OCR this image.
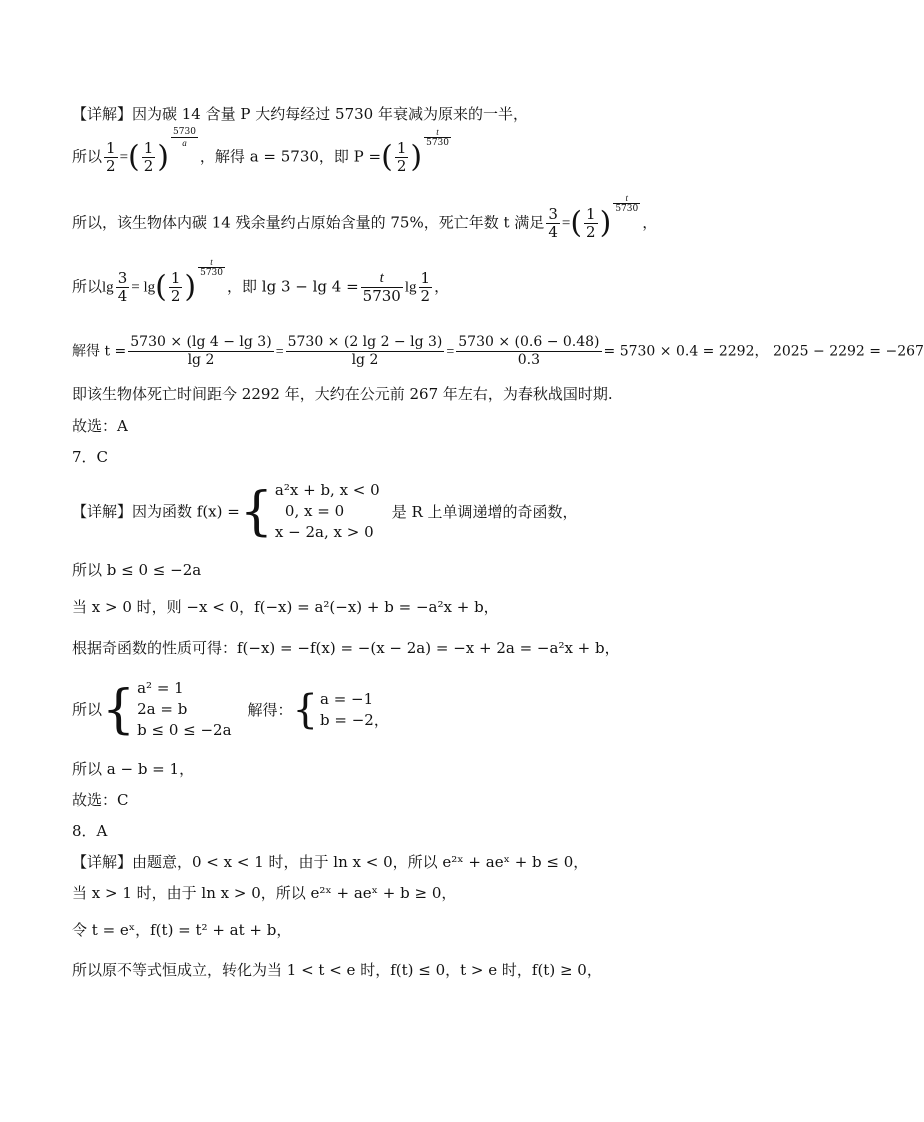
【详解】因为碳 14 含量 P 大约每经过 5730 年衰减为原来的一半，
所以 $\frac{1}{2}$ =( $\frac{1}{2}$ )
$\frac{5730}{a}$
，解得 a = 5730，即 P =( $\frac{1}{2}$ )
$\frac{t}{5730}$
所以，该生物体内碳 14 残余量约占原始含量的 75%，死亡年数 t 满足 $\frac{3}{4}$ =( $\frac{1}{2}$ )
$\frac{t}{5730}$
，
所以$\lg \frac{3}{4} = \lg( \frac{1}{2}$ )
$\frac{t}{5730}$
，即 $\lg 3 - \lg 4 = \frac{t}{5730}$ $\lg \frac{1}{2}$ ，
解得 $t = \frac{5730 \times (\lg 4 - \lg 3)}{\lg 2} = \frac{5730 \times (2 \lg 2 - \lg 3)}{\lg 2} = \frac{5730 \times (0.6 - 0.48)}{0.3} = 5730 \times 0.4 = 2292$， 2025 − 2292 = −267
即该生物体死亡时间距今 2292 年，大约在公元前 267 年左右，为春秋战国时期.
故选：A
7．C
【详解】因为函数 f(x) ={ a²x + b, x < 0
0, x = 0
x − 2a, x > 0
是 R 上单调递增的奇函数，
所以 b ≤ 0 ≤ −2a
当 x > 0 时，则 −x < 0，f(−x) = a²(−x) + b = −a²x + b，
根据奇函数的性质可得：f(−x) = −f(x) = −(x − 2a) = −x + 2a = −a²x + b，
所以{ a² = 1
2a = b
b ≤ 0 ≤ −2a
解得：{ a = −1
b = −2，
所以 a − b = 1，
故选：C
8．A
【详解】由题意，0 < x < 1 时，由于 ln x < 0，所以 e²ˣ + aeˣ + b ≤ 0，
当 x > 1 时，由于 ln x > 0，所以 e²ˣ + aeˣ + b ≥ 0，
令 t = eˣ，f(t) = t² + at + b，
所以原不等式恒成立，转化为当 1 < t < e 时，f(t) ≤ 0，t > e 时，f(t) ≥ 0，
